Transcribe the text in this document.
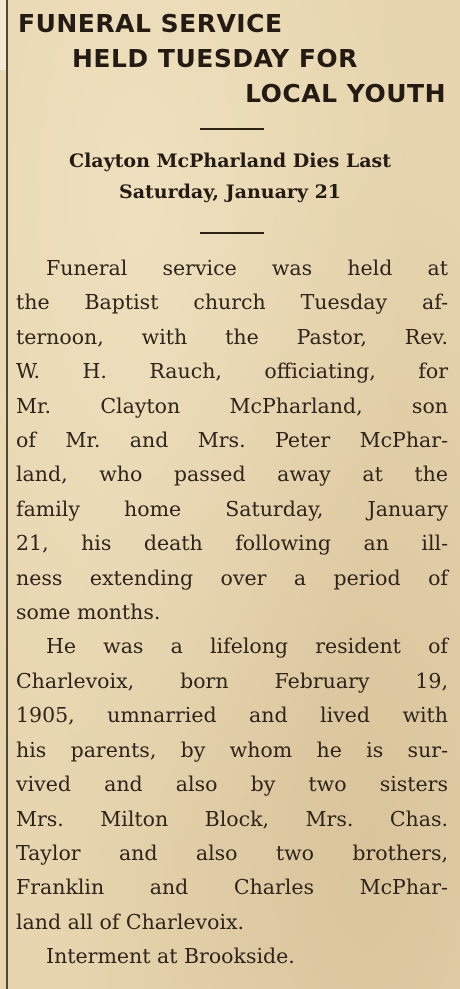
FUNERAL SERVICE
HELD TUESDAY FOR
LOCAL YOUTH
Clayton McPharland Dies Last
Saturday, January 21
Funeral service was held at
the Baptist church Tuesday af-
ternoon, with the Pastor, Rev.
W. H. Rauch, officiating, for
Mr. Clayton McPharland, son
of Mr. and Mrs. Peter McPhar-
land, who passed away at the
family home Saturday, January
21, his death following an ill-
ness extending over a period of
some months.
He was a lifelong resident of
Charlevoix, born February 19,
1905, umnarried and lived with
his parents, by whom he is sur-
vived and also by two sisters
Mrs. Milton Block, Mrs. Chas.
Taylor and also two brothers,
Franklin and Charles McPhar-
land all of Charlevoix.
Interment at Brookside.
